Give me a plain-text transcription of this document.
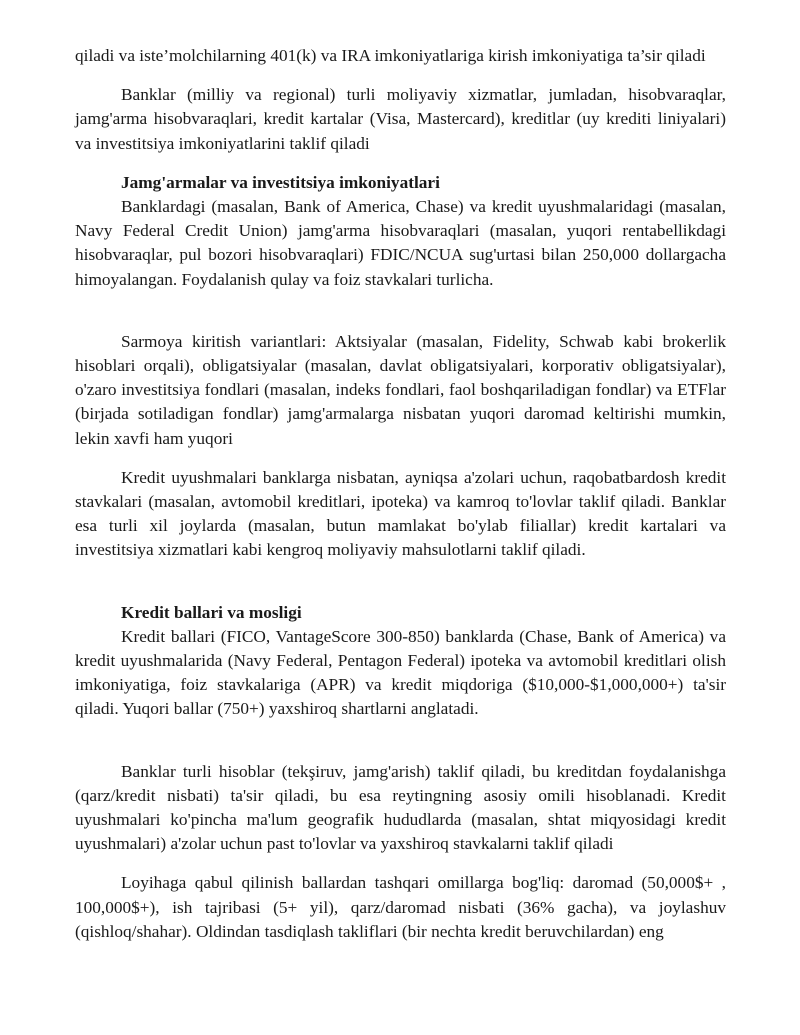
qiladi va iste’molchilarning 401(k) va IRA imkoniyatlariga kirish imkoniyatiga ta’sir qiladi

Banklar (milliy va regional) turli moliyaviy xizmatlar, jumladan, hisobvaraqlar, jamg'arma hisobvaraqlari, kredit kartalar (Visa, Mastercard), kreditlar (uy krediti liniyalari) va investitsiya imkoniyatlarini taklif qiladi

Jamg'armalar va investitsiya imkoniyatlari

Banklardagi (masalan, Bank of America, Chase) va kredit uyushmalaridagi (masalan, Navy Federal Credit Union) jamg'arma hisobvaraqlari (masalan, yuqori rentabellikdagi hisobvaraqlar, pul bozori hisobvaraqlari) FDIC/NCUA sug'urtasi bilan 250,000 dollargacha himoyalangan. Foydalanish qulay va foiz stavkalari turlicha.

Sarmoya kiritish variantlari: Aktsiyalar (masalan, Fidelity, Schwab kabi brokerlik hisoblari orqali), obligatsiyalar (masalan, davlat obligatsiyalari, korporativ obligatsiyalar), o'zaro investitsiya fondlari (masalan, indeks fondlari, faol boshqariladigan fondlar) va ETFlar (birjada sotiladigan fondlar) jamg'armalarga nisbatan yuqori daromad keltirishi mumkin, lekin xavfi ham yuqori

Kredit uyushmalari banklarga nisbatan, ayniqsa a'zolari uchun, raqobatbardosh kredit stavkalari (masalan, avtomobil kreditlari, ipoteka) va kamroq to'lovlar taklif qiladi. Banklar esa turli xil joylarda (masalan, butun mamlakat bo'ylab filiallar) kredit kartalari va investitsiya xizmatlari kabi kengroq moliyaviy mahsulotlarni taklif qiladi.

Kredit ballari va mosligi

Kredit ballari (FICO, VantageScore 300-850) banklarda (Chase, Bank of America) va kredit uyushmalarida (Navy Federal, Pentagon Federal) ipoteka va avtomobil kreditlari olish imkoniyatiga, foiz stavkalariga (APR) va kredit miqdoriga ($10,000-$1,000,000+) ta'sir qiladi. Yuqori ballar (750+) yaxshiroq shartlarni anglatadi.

Banklar turli hisoblar (tekşiruv, jamg'arish) taklif qiladi, bu kreditdan foydalanishga (qarz/kredit nisbati) ta'sir qiladi, bu esa reytingning asosiy omili hisoblanadi. Kredit uyushmalari ko'pincha ma'lum geografik hududlarda (masalan, shtat miqyosidagi kredit uyushmalari) a'zolar uchun past to'lovlar va yaxshiroq stavkalarni taklif qiladi

Loyihaga qabul qilinish ballardan tashqari omillarga bog'liq: daromad (50,000$+ , 100,000$+), ish tajribasi (5+ yil), qarz/daromad nisbati (36% gacha), va joylashuv (qishloq/shahar). Oldindan tasdiqlash takliflari (bir nechta kredit beruvchilardan) eng
